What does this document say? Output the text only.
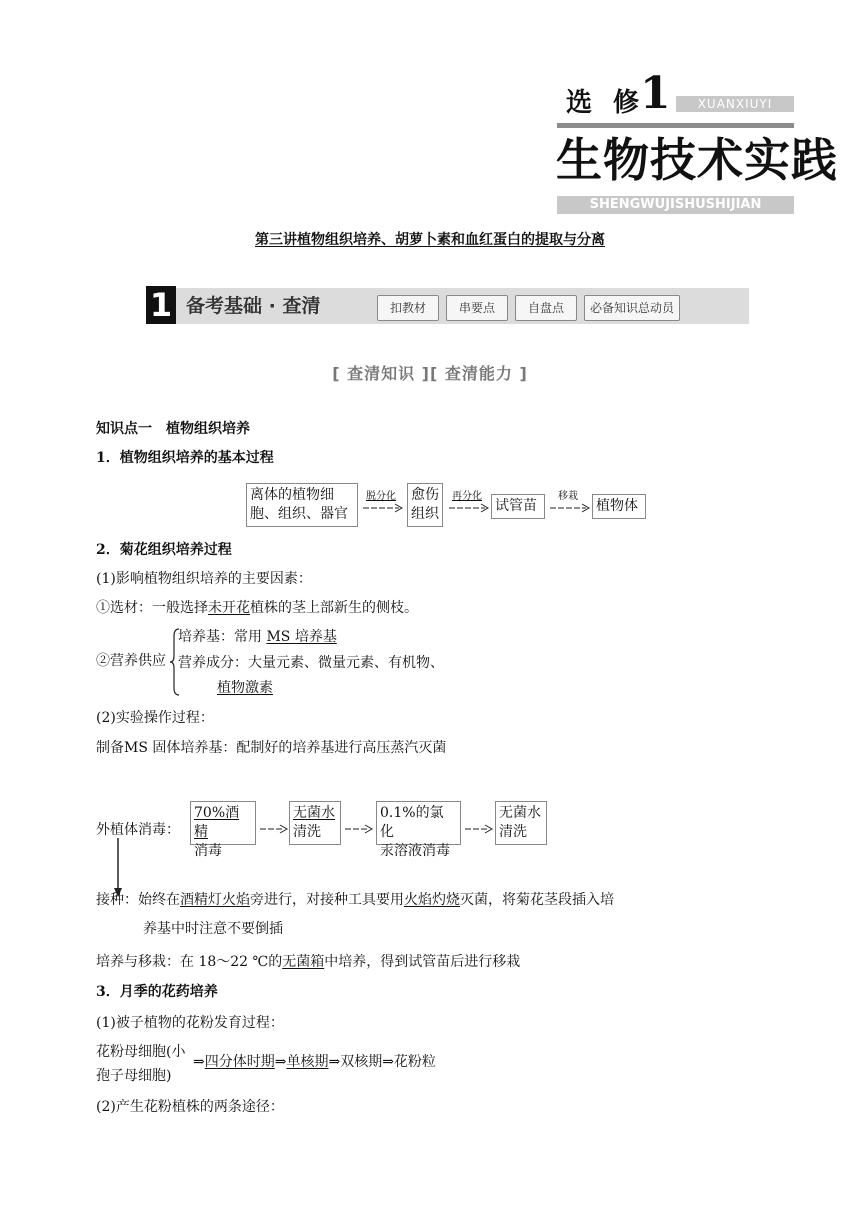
选 修
1	XUANXIUYI
生物技术实践
SHENGWUJISHUSHIJIAN
第三讲植物组织培养、胡萝卜素和血红蛋白的提取与分离
1 备考基础 · 查清	扣教材	串要点	自盘点	必备知识总动员
[ 查清知识 ][ 查清能力 ]
知识点一　植物组织培养
1．植物组织培养的基本过程
离体的植物细胞、组织、器官
脱分化 愈伤组织
再分化
试管苗
移栽
植物体
2．菊花组织培养过程
(1)影响植物组织培养的主要因素：
①选材：一般选择未开花植株的茎上部新生的侧枝。
②营养供应
培养基：常用 MS 培养基
营养成分：大量元素、微量元素、有机物、
植物激素
(2)实验操作过程：
制备MS 固体培养基：配制好的培养基进行高压蒸汽灭菌
外植体消毒：
70%酒精
消毒
无菌水
清洗
0.1%的氯化
汞溶液消毒
无菌水
清洗
接种：始终在酒精灯火焰旁进行，对接种工具要用火焰灼烧灭菌，将菊花茎段插入培
养基中时注意不要倒插
培养与移栽：在 18～22 ℃的无菌箱中培养，得到试管苗后进行移栽
3．月季的花药培养
(1)被子植物的花粉发育过程：
花粉母细胞(小
孢子母细胞)
⇒四分体时期⇒单核期⇒双核期⇒花粉粒
(2)产生花粉植株的两条途径：
